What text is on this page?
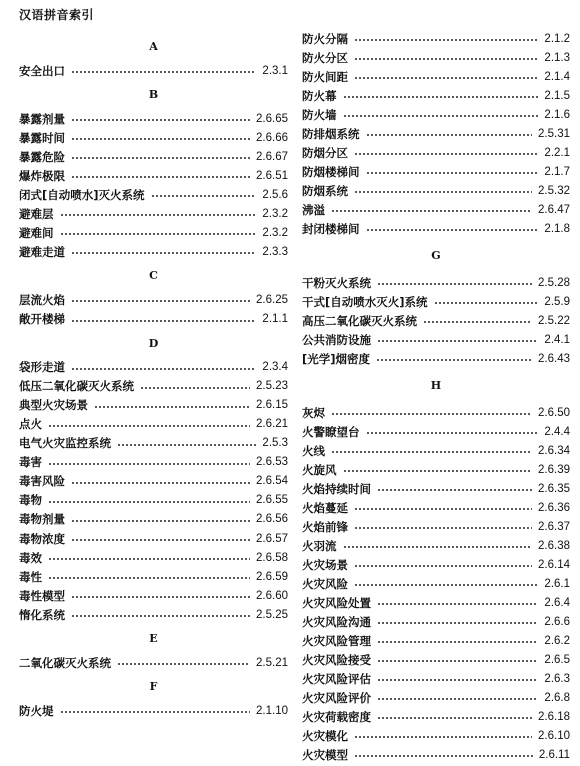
汉语拼音索引
A
安全出口	2.3.1
B
暴露剂量	2.6.65
暴露时间	2.6.66
暴露危险	2.6.67
爆炸极限	2.6.51
闭式[自动喷水]灭火系统	2.5.6
避难层	2.3.2
避难间	2.3.2
避难走道	2.3.3
C
层流火焰	2.6.25
敞开楼梯	2.1.1
D
袋形走道	2.3.4
低压二氧化碳灭火系统	2.5.23
典型火灾场景	2.6.15
点火	2.6.21
电气火灾监控系统	2.5.3
毒害	2.6.53
毒害风险	2.6.54
毒物	2.6.55
毒物剂量	2.6.56
毒物浓度	2.6.57
毒效	2.6.58
毒性	2.6.59
毒性模型	2.6.60
惰化系统	2.5.25
E
二氧化碳灭火系统	2.5.21
F
防火堤	2.1.10
防火分隔	2.1.2
防火分区	2.1.3
防火间距	2.1.4
防火幕	2.1.5
防火墙	2.1.6
防排烟系统	2.5.31
防烟分区	2.2.1
防烟楼梯间	2.1.7
防烟系统	2.5.32
沸溢	2.6.47
封闭楼梯间	2.1.8
G
干粉灭火系统	2.5.28
干式[自动喷水灭火]系统	2.5.9
高压二氧化碳灭火系统	2.5.22
公共消防设施	2.4.1
[光学]烟密度	2.6.43
H
灰烬	2.6.50
火警瞭望台	2.4.4
火线	2.6.34
火旋风	2.6.39
火焰持续时间	2.6.35
火焰蔓延	2.6.36
火焰前锋	2.6.37
火羽流	2.6.38
火灾场景	2.6.14
火灾风险	2.6.1
火灾风险处置	2.6.4
火灾风险沟通	2.6.6
火灾风险管理	2.6.2
火灾风险接受	2.6.5
火灾风险评估	2.6.3
火灾风险评价	2.6.8
火灾荷载密度	2.6.18
火灾模化	2.6.10
火灾模型	2.6.11
